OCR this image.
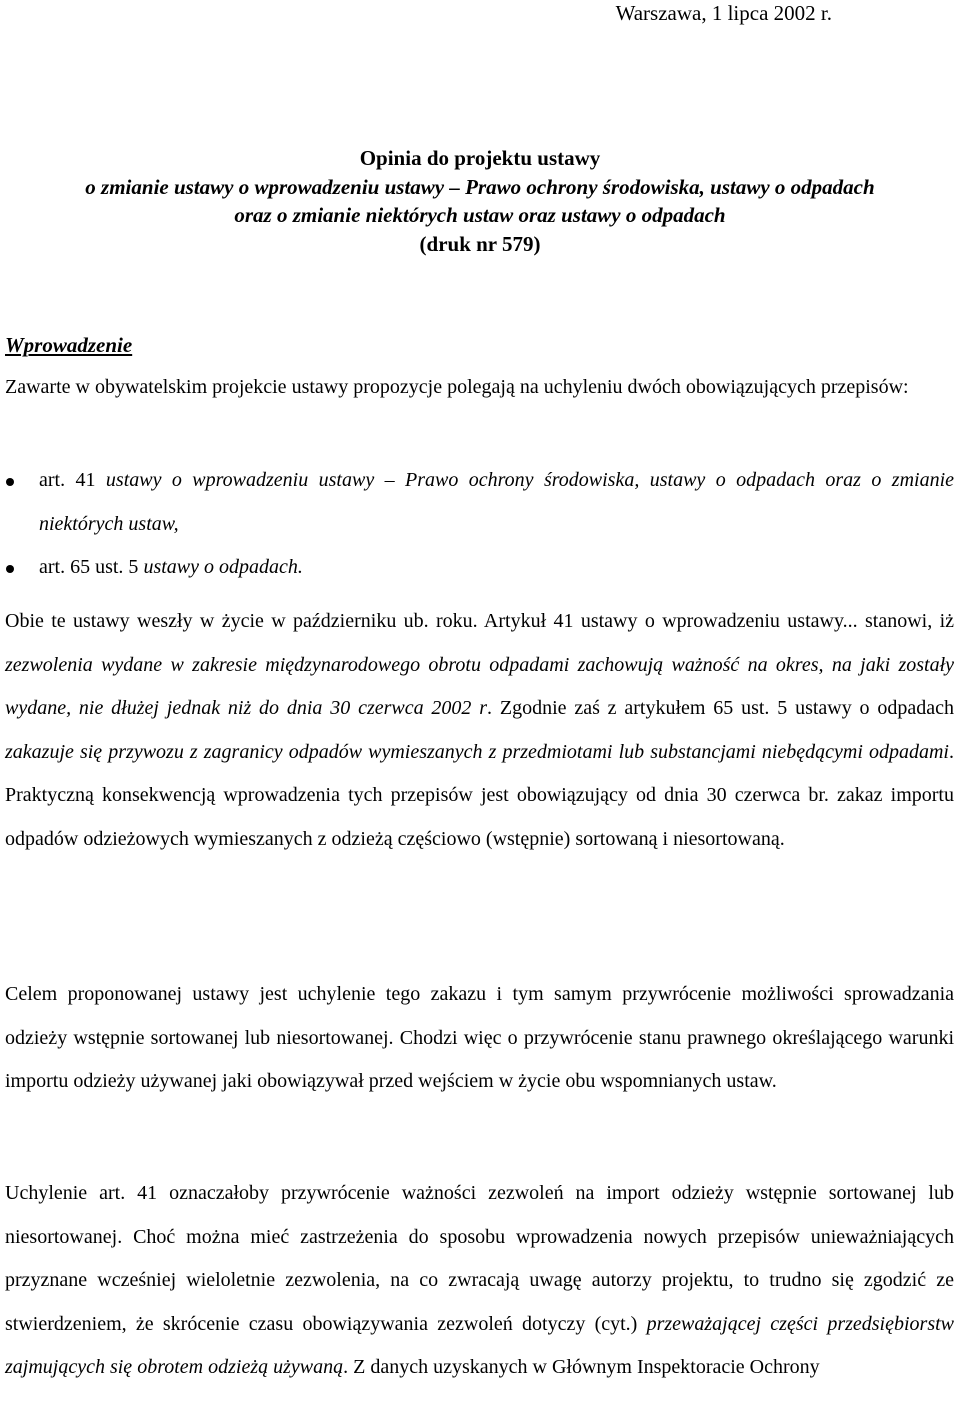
Warszawa, 1 lipca 2002 r.
Opinia do projektu ustawy
o zmianie ustawy o wprowadzeniu ustawy – Prawo ochrony środowiska, ustawy o odpadach
oraz o zmianie niektórych ustaw oraz ustawy o odpadach
(druk nr 579)
Wprowadzenie

Zawarte w obywatelskim projekcie ustawy propozycje polegają na uchyleniu dwóch obowiązujących przepisów:

art. 41 ustawy o wprowadzeniu ustawy – Prawo ochrony środowiska, ustawy o odpadach oraz o zmianie niektórych ustaw,
art. 65 ust. 5 ustawy o odpadach.

Obie te ustawy weszły w życie w październiku ub. roku. Artykuł 41 ustawy o wprowadzeniu ustawy... stanowi, iż zezwolenia wydane w zakresie międzynarodowego obrotu odpadami zachowują ważność na okres, na jaki zostały wydane, nie dłużej jednak niż do dnia 30 czerwca 2002 r. Zgodnie zaś z artykułem 65 ust. 5 ustawy o odpadach zakazuje się przywozu z zagranicy odpadów wymieszanych z przedmiotami lub substancjami niebędącymi odpadami. Praktyczną konsekwencją wprowadzenia tych przepisów jest obowiązujący od dnia 30 czerwca br. zakaz importu odpadów odzieżowych wymieszanych z odzieżą częściowo (wstępnie) sortowaną i niesortowaną.

Celem proponowanej ustawy jest uchylenie tego zakazu i tym samym przywrócenie możliwości sprowadzania odzieży wstępnie sortowanej lub niesortowanej. Chodzi więc o przywrócenie stanu prawnego określającego warunki importu odzieży używanej jaki obowiązywał przed wejściem w życie obu wspomnianych ustaw.

Uchylenie art. 41 oznaczałoby przywrócenie ważności zezwoleń na import odzieży wstępnie sortowanej lub niesortowanej. Choć można mieć zastrzeżenia do sposobu wprowadzenia nowych przepisów unieważniających przyznane wcześniej wieloletnie zezwolenia, na co zwracają uwagę autorzy projektu, to trudno się zgodzić ze stwierdzeniem, że skrócenie czasu obowiązywania zezwoleń dotyczy (cyt.) przeważającej części przedsiębiorstw zajmujących się obrotem odzieżą używaną. Z danych uzyskanych w Głównym Inspektoracie Ochrony
